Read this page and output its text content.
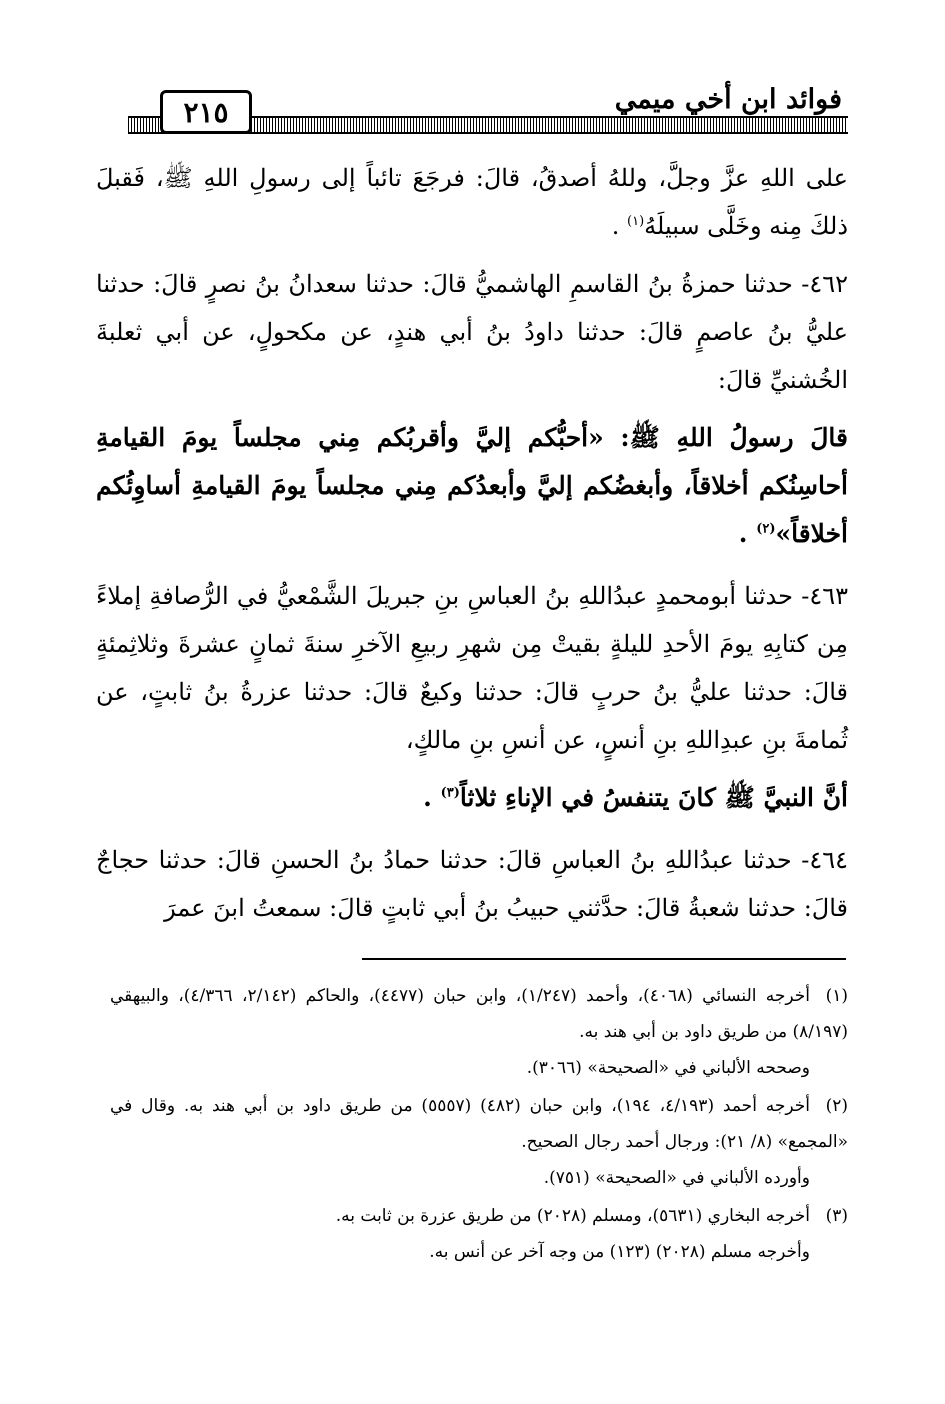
٢١٥	فوائد ابن أخي ميمي

على اللهِ عزَّ وجلَّ، وللهُ أصدقُ، قالَ: فرجَعَ تائباً إلى رسولِ اللهِ ﷺ، فَقبلَ ذلكَ مِنه وخَلَّى سبيلَهُ$^{(١)}$ .

٤٦٢- حدثنا حمزةُ بنُ القاسمِ الهاشميُّ قالَ: حدثنا سعدانُ بنُ نصرٍ قالَ: حدثنا عليُّ بنُ عاصمٍ قالَ: حدثنا داودُ بنُ أبي هندٍ، عن مكحولٍ، عن أبي ثعلبةَ الخُشنيِّ قالَ:

قالَ رسولُ اللهِ ﷺ: «أحبُّكم إليَّ وأقربُكم مِني مجلساً يومَ القيامةِ أحاسِنُكم أخلاقاً، وأبغضُكم إليَّ وأبعدُكم مِني مجلساً يومَ القيامةِ أساوِئُكم أخلاقاً»$^{(٢)}$ .

٤٦٣- حدثنا أبومحمدٍ عبدُاللهِ بنُ العباسِ بنِ جبريلَ الشَّمْعيُّ في الرُّصافةِ إملاءً مِن كتابِهِ يومَ الأحدِ لليلةٍ بقيتْ مِن شهرِ ربيعِ الآخرِ سنةَ ثمانٍ عشرةَ وثلاثِمئةٍ قالَ: حدثنا عليُّ بنُ حربٍ قالَ: حدثنا وكيعٌ قالَ: حدثنا عزرةُ بنُ ثابتٍ، عن ثُمامةَ بنِ عبدِاللهِ بنِ أنسٍ، عن أنسِ بنِ مالكٍ،

أنَّ النبيَّ ﷺ كانَ يتنفسُ في الإناءِ ثلاثاً$^{(٣)}$ .

٤٦٤- حدثنا عبدُاللهِ بنُ العباسِ قالَ: حدثنا حمادُ بنُ الحسنِ قالَ: حدثنا حجاجٌ قالَ: حدثنا شعبةُ قالَ: حدَّثني حبيبُ بنُ أبي ثابتٍ قالَ: سمعتُ ابنَ عمرَ

(١)أخرجه النسائي (٤٠٦٨)، وأحمد (١/٢٤٧)، وابن حبان (٤٤٧٧)، والحاكم (٢/١٤٢، ٤/٣٦٦)، والبيهقي (٨/١٩٧) من طريق داود بن أبي هند به.
وصححه الألباني في «الصحيحة» (٣٠٦٦).
(٢)أخرجه أحمد (٤/١٩٣، ١٩٤)، وابن حبان (٤٨٢) (٥٥٥٧) من طريق داود بن أبي هند به. وقال في «المجمع» (٨/ ٢١): ورجال أحمد رجال الصحيح.
وأورده الألباني في «الصحيحة» (٧٥١).
(٣)أخرجه البخاري (٥٦٣١)، ومسلم (٢٠٢٨) من طريق عزرة بن ثابت به.
وأخرجه مسلم (٢٠٢٨) (١٢٣) من وجه آخر عن أنس به.
